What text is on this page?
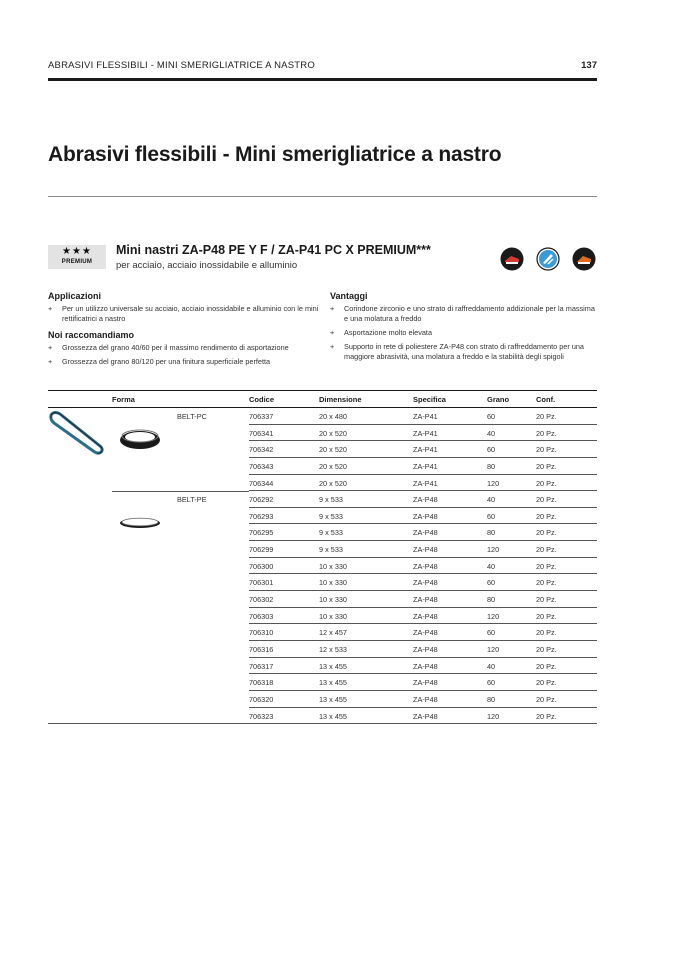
ABRASIVI FLESSIBILI - MINI SMERIGLIATRICE A NASTRO	137
Abrasivi flessibili - Mini smerigliatrice a nastro
★★★
PREMIUM
Mini nastri ZA-P48 PE Y F / ZA-P41 PC X PREMIUM***
per acciaio, acciaio inossidabile e alluminio
Applicazioni
+ Per un utilizzo universale su acciaio, acciaio inossidabile e alluminio con le mini rettificatrici a nastro
Noi raccomandiamo
+ Grossezza del grano 40/60 per il massimo rendimento di asportazione
+ Grossezza del grano 80/120 per una finitura superficiale perfetta
Vantaggi
+ Corindone zirconio e uno strato di raffreddamento addizionale per la massima e una molatura a freddo
+ Asportazione molto elevata
+ Supporto in rete di poliestere ZA-P48 con strato di raffreddamento per una maggiore abrasività, una molatura a freddo e la stabilità degli spigoli
Forma	Codice	Dimensione	Specifica	Grano	Conf.
BELT-PC	706337	20 x 480	ZA-P41	60	20 Pz.
706341	20 x 520	ZA-P41	40	20 Pz.
706342	20 x 520	ZA-P41	60	20 Pz.
706343	20 x 520	ZA-P41	80	20 Pz.
706344	20 x 520	ZA-P41	120	20 Pz.
BELT-PE	706292	9 x 533	ZA-P48	40	20 Pz.
706293	9 x 533	ZA-P48	60	20 Pz.
706295	9 x 533	ZA-P48	80	20 Pz.
706299	9 x 533	ZA-P48	120	20 Pz.
706300	10 x 330	ZA-P48	40	20 Pz.
706301	10 x 330	ZA-P48	60	20 Pz.
706302	10 x 330	ZA-P48	80	20 Pz.
706303	10 x 330	ZA-P48	120	20 Pz.
706310	12 x 457	ZA-P48	60	20 Pz.
706316	12 x 533	ZA-P48	120	20 Pz.
706317	13 x 455	ZA-P48	40	20 Pz.
706318	13 x 455	ZA-P48	60	20 Pz.
706320	13 x 455	ZA-P48	80	20 Pz.
706323	13 x 455	ZA-P48	120	20 Pz.
